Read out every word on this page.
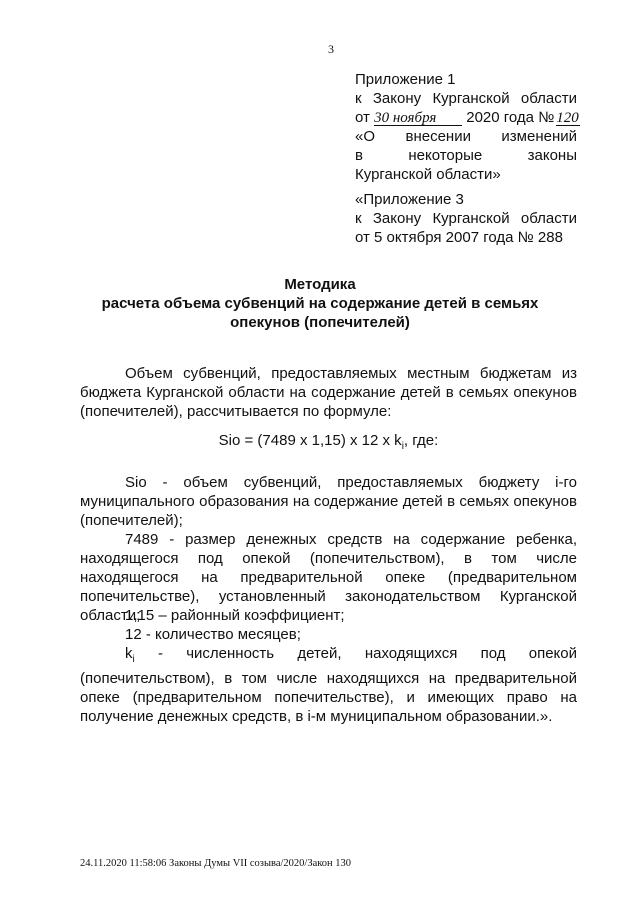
3
Приложение 1
к Закону Курганской области
от 30 ноября 2020 года № 120
«О внесении изменений
в некоторые законы
Курганской области»
«Приложение 3
к Закону Курганской области
от 5 октября 2007 года № 288
Методика
расчета объема субвенций на содержание детей в семьях
опекунов (попечителей)
Объем субвенций, предоставляемых местным бюджетам из бюджета Курганской области на содержание детей в семьях опекунов (попечителей), рассчитывается по формуле:
Sio = (7489 x 1,15) x 12 x $k_i$, где:
Sio - объем субвенций, предоставляемых бюджету i-го муниципального образования на содержание детей в семьях опекунов (попечителей);
7489 - размер денежных средств на содержание ребенка, находящегося под опекой (попечительством), в том числе находящегося на предварительной опеке (предварительном попечительстве), установленный законодательством Курганской области;
1,15 – районный коэффициент;
12 - количество месяцев;
$k_i$ - численность детей, находящихся под опекой (попечительством), в том числе находящихся на предварительной опеке (предварительном попечительстве), и имеющих право на получение денежных средств, в i-м муниципальном образовании.».
24.11.2020 11:58:06 Законы Думы VII созыва/2020/Закон 130
